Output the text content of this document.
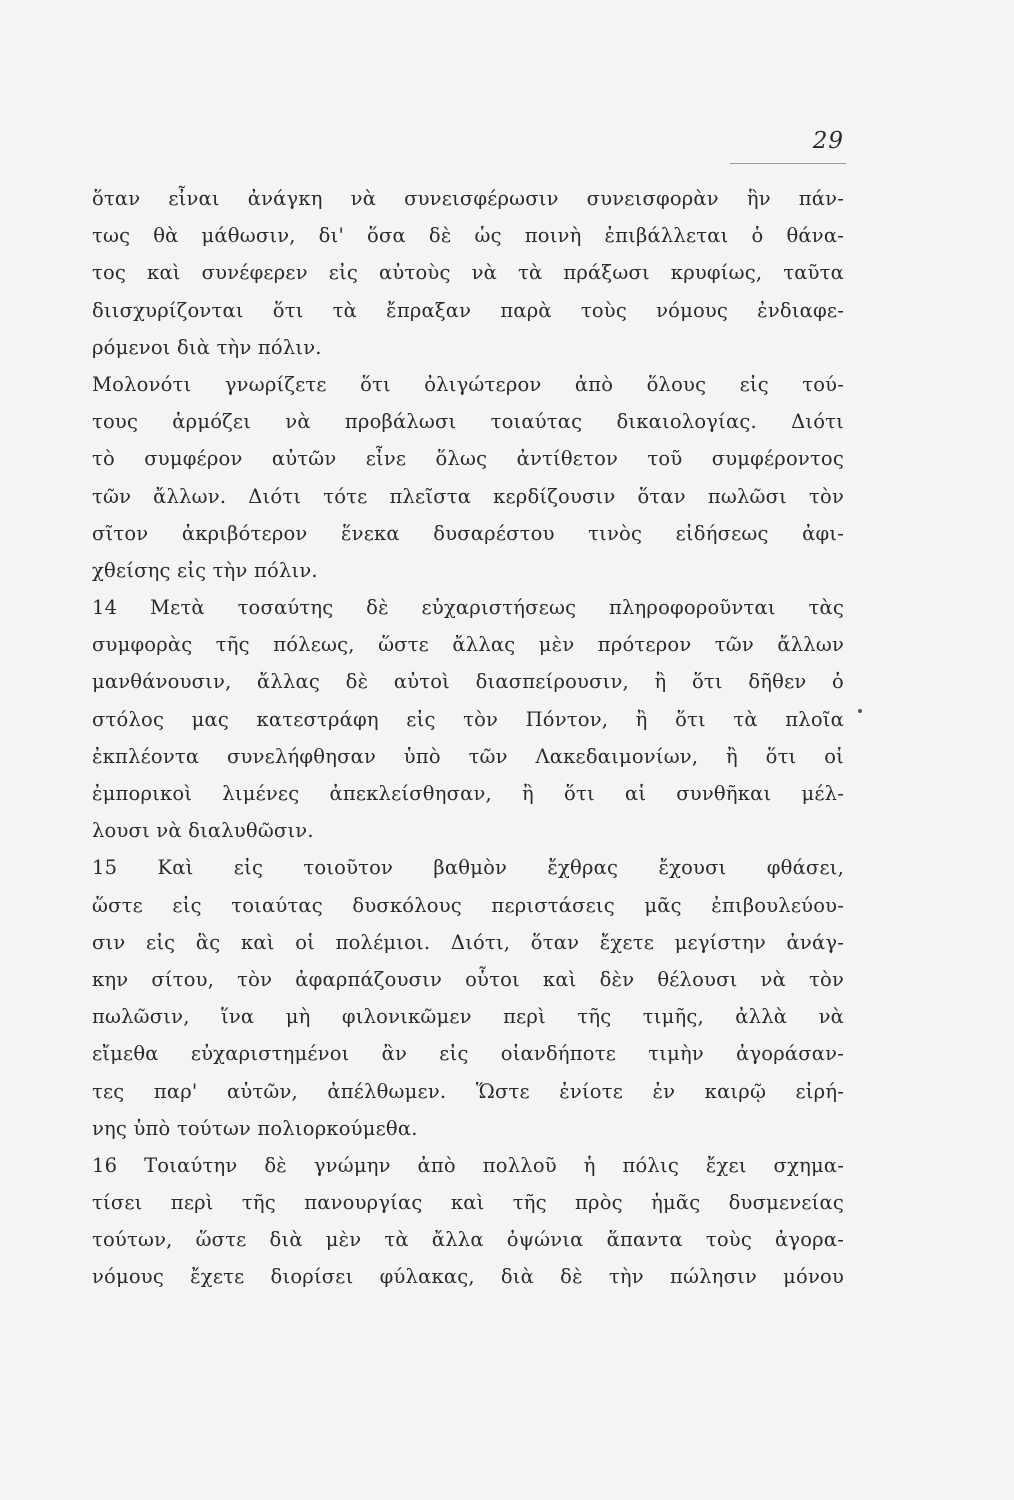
29
ὅταν εἶναι ἀνάγκη νὰ συνεισφέρωσιν συνεισφορὰν ἣν πάν-
τως θὰ μάθωσιν, δι' ὅσα δὲ ὡς ποινὴ ἐπιβάλλεται ὁ θάνα-
τος καὶ συνέφερεν εἰς αὐτοὺς νὰ τὰ πράξωσι κρυφίως, ταῦτα
διισχυρίζονται ὅτι τὰ ἔπραξαν παρὰ τοὺς νόμους ἐνδιαφε-
ρόμενοι διὰ τὴν πόλιν.
Μολονότι γνωρίζετε ὅτι ὀλιγώτερον ἀπὸ ὅλους εἰς τού-
τους ἁρμόζει νὰ προβάλωσι τοιαύτας δικαιολογίας. Διότι
τὸ συμφέρον αὐτῶν εἶνε ὅλως ἀντίθετον τοῦ συμφέροντος
τῶν ἄλλων. Διότι τότε πλεῖστα κερδίζουσιν ὅταν πωλῶσι τὸν
σῖτον ἀκριβότερον ἕνεκα δυσαρέστου τινὸς εἰδήσεως ἀφι-
χθείσης εἰς τὴν πόλιν.
14 Μετὰ τοσαύτης δὲ εὐχαριστήσεως πληροφοροῦνται τὰς
συμφορὰς τῆς πόλεως, ὥστε ἄλλας μὲν πρότερον τῶν ἄλλων
μανθάνουσιν, ἄλλας δὲ αὐτοὶ διασπείρουσιν, ἢ ὅτι δῆθεν ὁ
στόλος μας κατεστράφη εἰς τὸν Πόντον, ἢ ὅτι τὰ πλοῖα
ἐκπλέοντα συνελήφθησαν ὑπὸ τῶν Λακεδαιμονίων, ἢ ὅτι οἱ
ἐμπορικοὶ λιμένες ἀπεκλείσθησαν, ἢ ὅτι αἱ συνθῆκαι μέλ-
λουσι νὰ διαλυθῶσιν.
15 Καὶ εἰς τοιοῦτον βαθμὸν ἔχθρας ἔχουσι φθάσει,
ὥστε εἰς τοιαύτας δυσκόλους περιστάσεις μᾶς ἐπιβουλεύου-
σιν εἰς ἃς καὶ οἱ πολέμιοι. Διότι, ὅταν ἔχετε μεγίστην ἀνάγ-
κην σίτου, τὸν ἀφαρπάζουσιν οὗτοι καὶ δὲν θέλουσι νὰ τὸν
πωλῶσιν, ἵνα μὴ φιλονικῶμεν περὶ τῆς τιμῆς, ἀλλὰ νὰ
εἴμεθα εὐχαριστημένοι ἂν εἰς οἱανδήποτε τιμὴν ἀγοράσαν-
τες παρ' αὐτῶν, ἀπέλθωμεν. Ὥστε ἐνίοτε ἐν καιρῷ εἰρή-
νης ὑπὸ τούτων πολιορκούμεθα.
16 Τοιαύτην δὲ γνώμην ἀπὸ πολλοῦ ἡ πόλις ἔχει σχημα-
τίσει περὶ τῆς πανουργίας καὶ τῆς πρὸς ἡμᾶς δυσμενείας
τούτων, ὥστε διὰ μὲν τὰ ἄλλα ὀψώνια ἅπαντα τοὺς ἀγορα-
νόμους ἔχετε διορίσει φύλακας, διὰ δὲ τὴν πώλησιν μόνου
